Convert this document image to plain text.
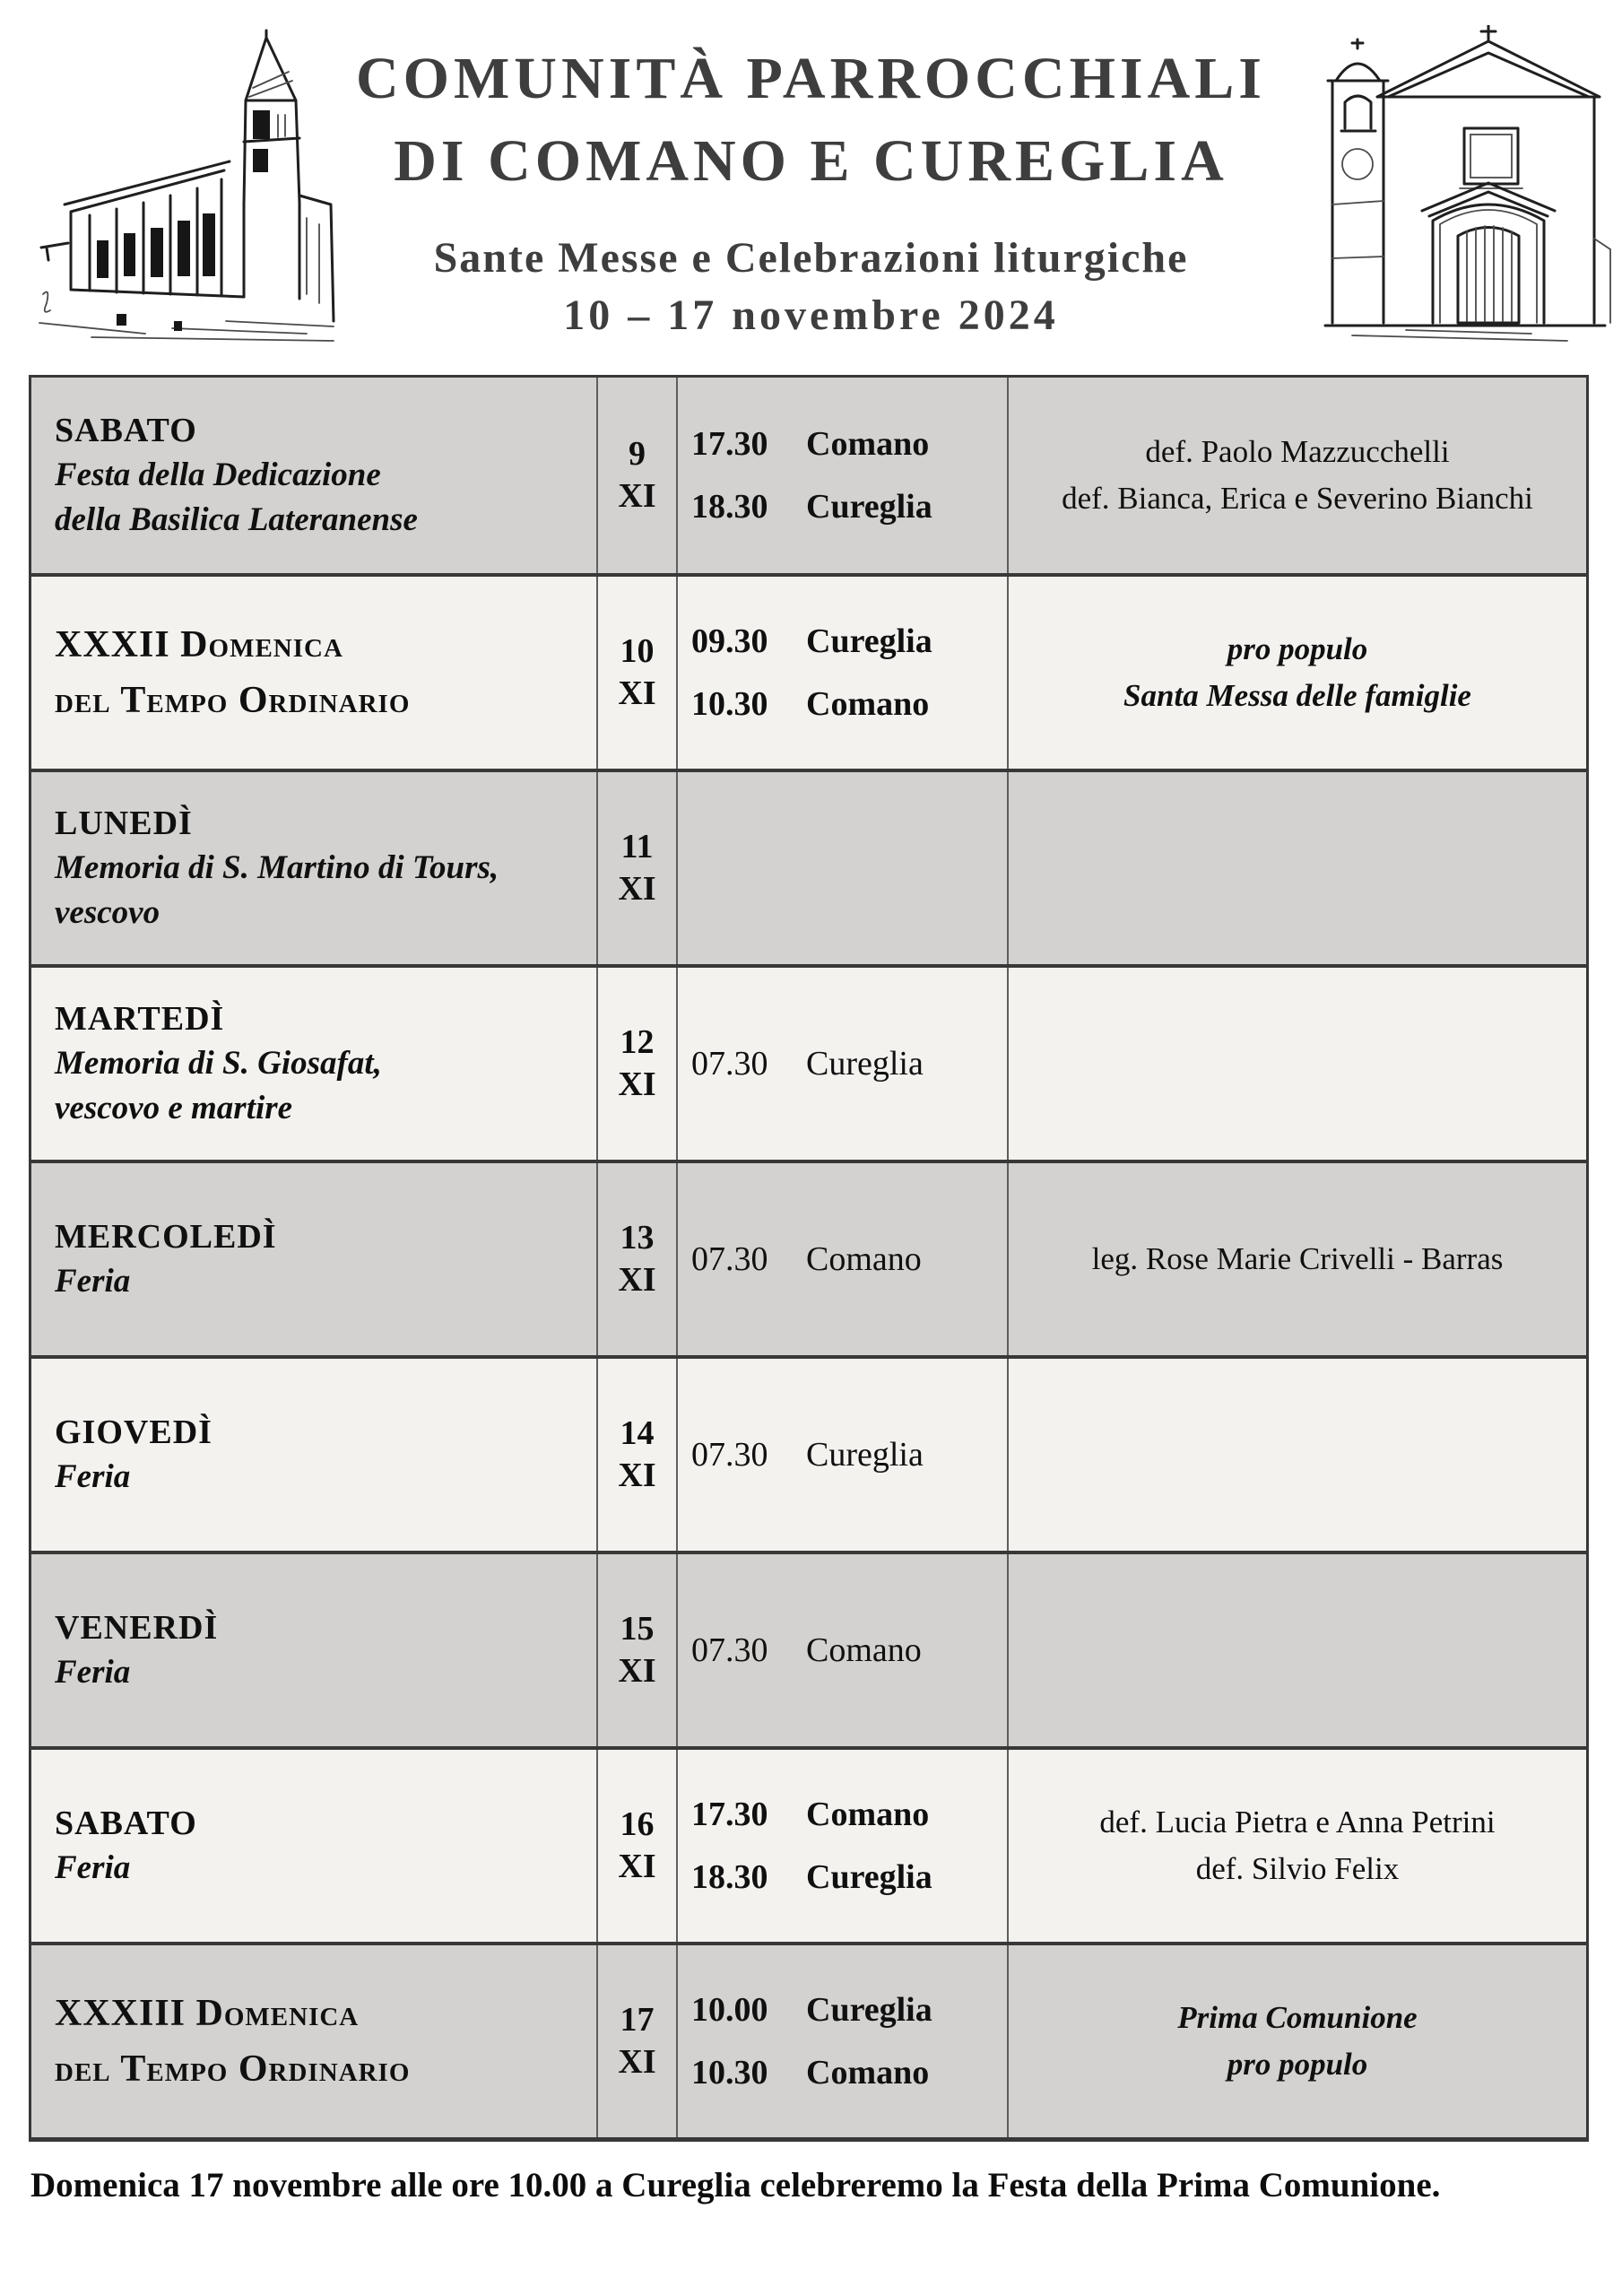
COMUNITÀ PARROCCHIALI
DI COMANO E CUREGLIA
Sante Messe e Celebrazioni liturgiche
10 – 17 novembre 2024
SABATO
Festa della Dedicazione
della Basilica Lateranense
9
XI
17.30 Comano
18.30 Cureglia
def. Paolo Mazzucchelli
def. Bianca, Erica e Severino Bianchi
XXXII Domenica
del Tempo Ordinario
10
XI
09.30 Cureglia
10.30 Comano
pro populo
Santa Messa delle famiglie
LUNEDÌ
Memoria di S. Martino di Tours,
vescovo
11
XI
MARTEDÌ
Memoria di S. Giosafat,
vescovo e martire
12
XI
07.30 Cureglia
MERCOLEDÌ
Feria
13
XI
07.30 Comano	leg. Rose Marie Crivelli - Barras
GIOVEDÌ
Feria
14
XI
07.30 Cureglia
VENERDÌ
Feria
15
XI
07.30 Comano
SABATO
Feria
16
XI
17.30 Comano
18.30 Cureglia
def. Lucia Pietra e Anna Petrini
def. Silvio Felix
XXXIII Domenica
del Tempo Ordinario
17
XI
10.00 Cureglia
10.30 Comano
Prima Comunione
pro populo
Domenica 17 novembre alle ore 10.00 a Cureglia celebreremo la Festa della Prima Comunione.
